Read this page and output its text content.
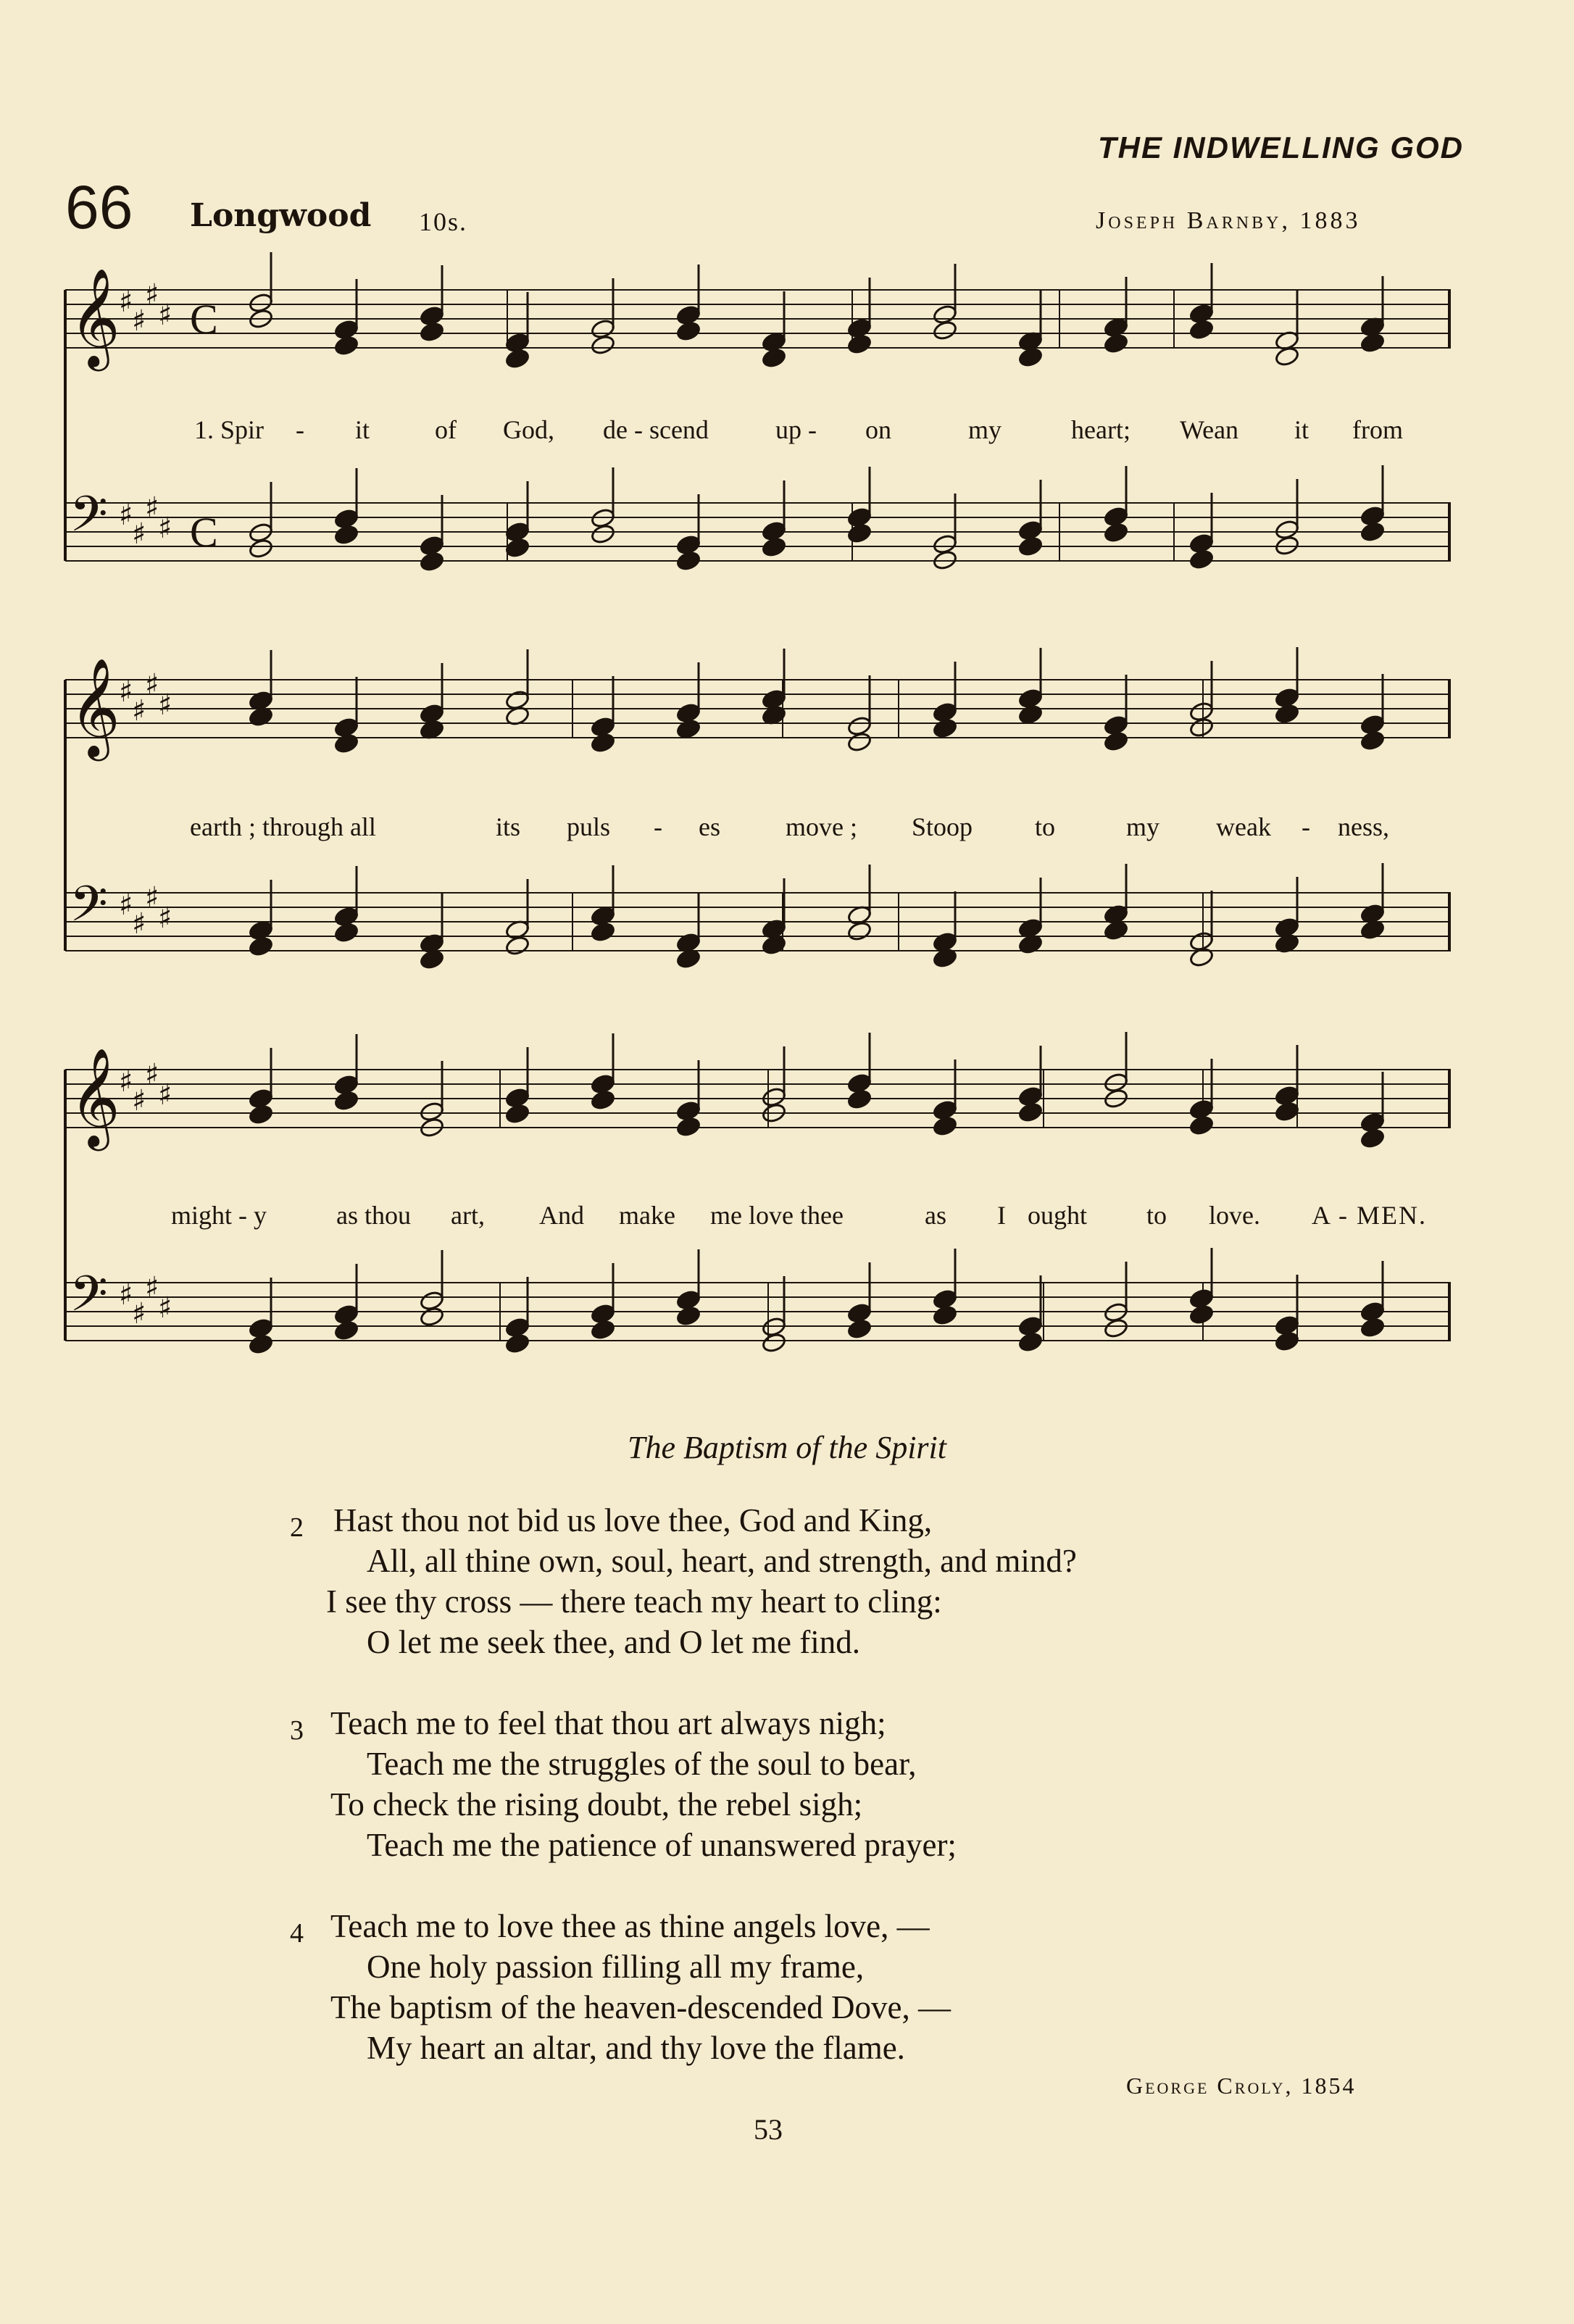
THE INDWELLING GOD
66 Longwood 10s.	Joseph Barnby, 1883
𝄞
♯
♯
♯
♯ C
𝄢 ♯
♯
♯
♯ C
𝄞
♯
♯
♯
♯
𝄢 ♯
♯
♯
♯
𝄞
♯
♯
♯
♯
𝄢 ♯
♯
♯
♯
1. Spir - it of God, de - scend	up - on	my	heart; Wean it from
earth ; through all	its puls - es	move ; Stoop to	my weak - ness,
might - y	as thou art, And make me love thee	as I ought to love. A - MEN.
The Baptism of the Spirit
2 Hast thou not bid us love thee, God and King,
All, all thine own, soul, heart, and strength, and mind?
I see thy cross — there teach my heart to cling:
O let me seek thee, and O let me find.
3 Teach me to feel that thou art always nigh;
Teach me the struggles of the soul to bear,
To check the rising doubt, the rebel sigh;
Teach me the patience of unanswered prayer;
4 Teach me to love thee as thine angels love, —
One holy passion filling all my frame,
The baptism of the heaven-descended Dove, —
My heart an altar, and thy love the flame.
George Croly, 1854
53
